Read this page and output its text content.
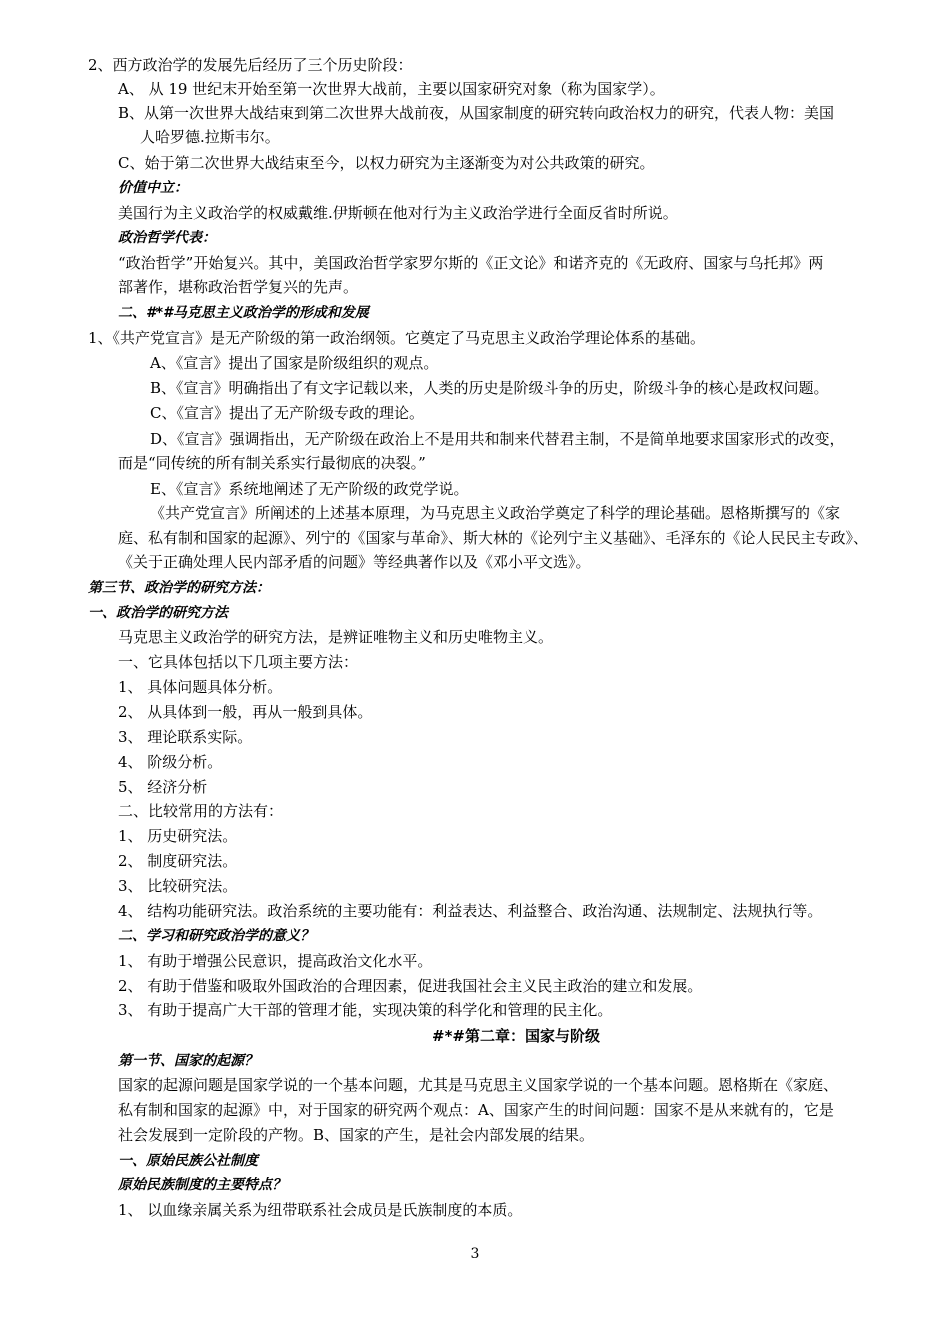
2、西方政治学的发展先后经历了三个历史阶段：
A、 从 19 世纪末开始至第一次世界大战前，主要以国家研究对象（称为国家学）。
B、从第一次世界大战结束到第二次世界大战前夜，从国家制度的研究转向政治权力的研究，代表人物：美国
人哈罗德.拉斯韦尔。
C、始于第二次世界大战结束至今，以权力研究为主逐渐变为对公共政策的研究。
价值中立：
美国行为主义政治学的权威戴维.伊斯顿在他对行为主义政治学进行全面反省时所说。
政治哲学代表：
“政治哲学”开始复兴。其中，美国政治哲学家罗尔斯的《正文论》和诺齐克的《无政府、国家与乌托邦》两
部著作，堪称政治哲学复兴的先声。
二、#*#马克思主义政治学的形成和发展
1、《共产党宣言》是无产阶级的第一政治纲领。它奠定了马克思主义政治学理论体系的基础。
A、《宣言》提出了国家是阶级组织的观点。
B、《宣言》明确指出了有文字记载以来，人类的历史是阶级斗争的历史，阶级斗争的核心是政权问题。
C、《宣言》提出了无产阶级专政的理论。
D、《宣言》强调指出，无产阶级在政治上不是用共和制来代替君主制，不是简单地要求国家形式的改变，
而是“同传统的所有制关系实行最彻底的决裂。”
E、《宣言》系统地阐述了无产阶级的政党学说。
《共产党宣言》所阐述的上述基本原理，为马克思主义政治学奠定了科学的理论基础。恩格斯撰写的《家
庭、私有制和国家的起源》、列宁的《国家与革命》、斯大林的《论列宁主义基础》、毛泽东的《论人民民主专政》、
《关于正确处理人民内部矛盾的问题》等经典著作以及《邓小平文选》。
第三节、政治学的研究方法：
一、政治学的研究方法
马克思主义政治学的研究方法，是辨证唯物主义和历史唯物主义。
一、它具体包括以下几项主要方法：
1、 具体问题具体分析。
2、 从具体到一般，再从一般到具体。
3、 理论联系实际。
4、 阶级分析。
5、 经济分析
二、比较常用的方法有：
1、 历史研究法。
2、 制度研究法。
3、 比较研究法。
4、 结构功能研究法。政治系统的主要功能有：利益表达、利益整合、政治沟通、法规制定、法规执行等。
二、学习和研究政治学的意义？
1、 有助于增强公民意识，提高政治文化水平。
2、 有助于借鉴和吸取外国政治的合理因素，促进我国社会主义民主政治的建立和发展。
3、 有助于提高广大干部的管理才能，实现决策的科学化和管理的民主化。
#*#第二章：国家与阶级
第一节、国家的起源？
国家的起源问题是国家学说的一个基本问题，尤其是马克思主义国家学说的一个基本问题。恩格斯在《家庭、
私有制和国家的起源》中，对于国家的研究两个观点：A、国家产生的时间问题：国家不是从来就有的，它是
社会发展到一定阶段的产物。B、国家的产生，是社会内部发展的结果。
一、原始民族公社制度
原始民族制度的主要特点？
1、 以血缘亲属关系为纽带联系社会成员是氏族制度的本质。
3
